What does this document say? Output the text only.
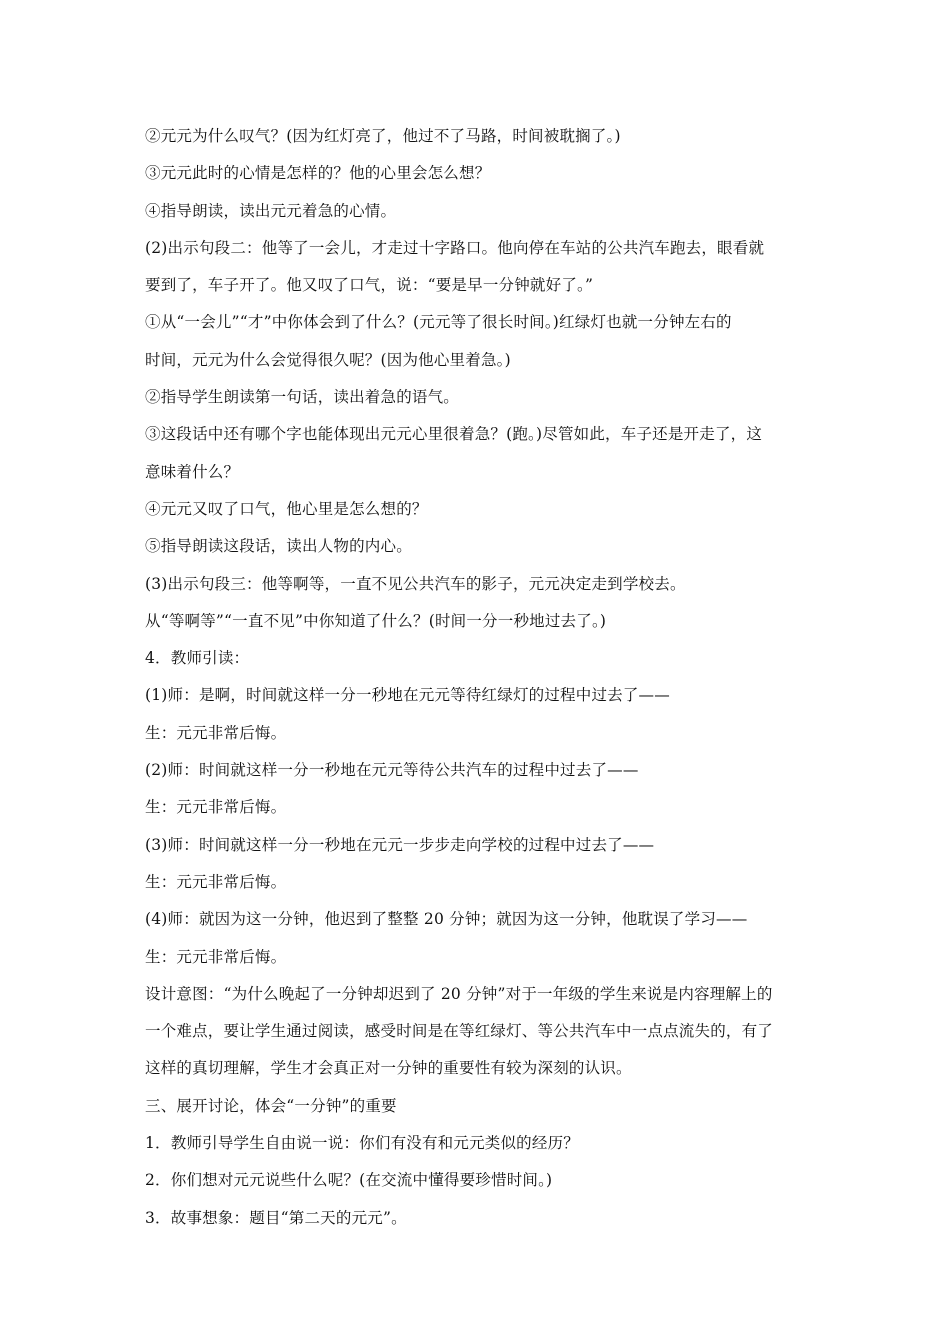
②元元为什么叹气？(因为红灯亮了，他过不了马路，时间被耽搁了。)
③元元此时的心情是怎样的？他的心里会怎么想？
④指导朗读，读出元元着急的心情。
(2)出示句段二：他等了一会儿，才走过十字路口。他向停在车站的公共汽车跑去，眼看就
要到了，车子开了。他又叹了口气，说：“要是早一分钟就好了。”
①从“一会儿”“才”中你体会到了什么？(元元等了很长时间。)红绿灯也就一分钟左右的
时间，元元为什么会觉得很久呢？(因为他心里着急。)
②指导学生朗读第一句话，读出着急的语气。
③这段话中还有哪个字也能体现出元元心里很着急？(跑。)尽管如此，车子还是开走了，这
意味着什么？
④元元又叹了口气，他心里是怎么想的？
⑤指导朗读这段话，读出人物的内心。
(3)出示句段三：他等啊等，一直不见公共汽车的影子，元元决定走到学校去。
从“等啊等”“一直不见”中你知道了什么？(时间一分一秒地过去了。)
4．教师引读：
(1)师：是啊，时间就这样一分一秒地在元元等待红绿灯的过程中过去了——
生：元元非常后悔。
(2)师：时间就这样一分一秒地在元元等待公共汽车的过程中过去了——
生：元元非常后悔。
(3)师：时间就这样一分一秒地在元元一步步走向学校的过程中过去了——
生：元元非常后悔。
(4)师：就因为这一分钟，他迟到了整整 20 分钟；就因为这一分钟，他耽误了学习——
生：元元非常后悔。
设计意图：“为什么晚起了一分钟却迟到了 20 分钟”对于一年级的学生来说是内容理解上的
一个难点，要让学生通过阅读，感受时间是在等红绿灯、等公共汽车中一点点流失的，有了
这样的真切理解，学生才会真正对一分钟的重要性有较为深刻的认识。
三、展开讨论，体会“一分钟”的重要
1．教师引导学生自由说一说：你们有没有和元元类似的经历？
2．你们想对元元说些什么呢？(在交流中懂得要珍惜时间。)
3．故事想象：题目“第二天的元元”。
